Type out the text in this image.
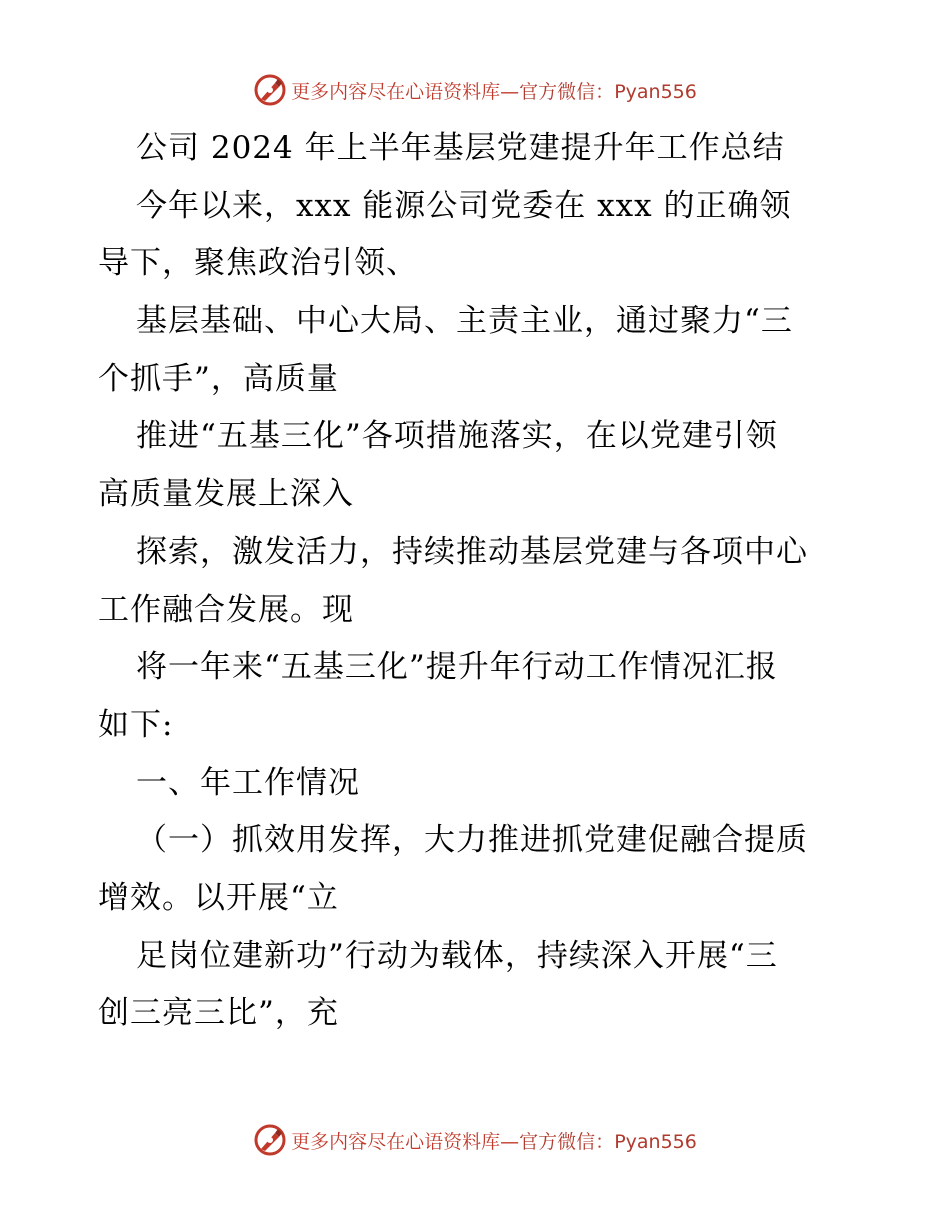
更多内容尽在心语资料库—官方微信：Pyan556
公司 2024 年上半年基层党建提升年工作总结
今年以来，xxx 能源公司党委在 xxx 的正确领
导下，聚焦政治引领、
基层基础、中心大局、主责主业，通过聚力“三
个抓手”，高质量
推进“五基三化”各项措施落实，在以党建引领
高质量发展上深入
探索，激发活力，持续推动基层党建与各项中心
工作融合发展。现
将一年来“五基三化”提升年行动工作情况汇报
如下:
一、年工作情况
（一）抓效用发挥，大力推进抓党建促融合提质
增效。以开展“立
足岗位建新功”行动为载体，持续深入开展“三
创三亮三比”，充
更多内容尽在心语资料库—官方微信：Pyan556
